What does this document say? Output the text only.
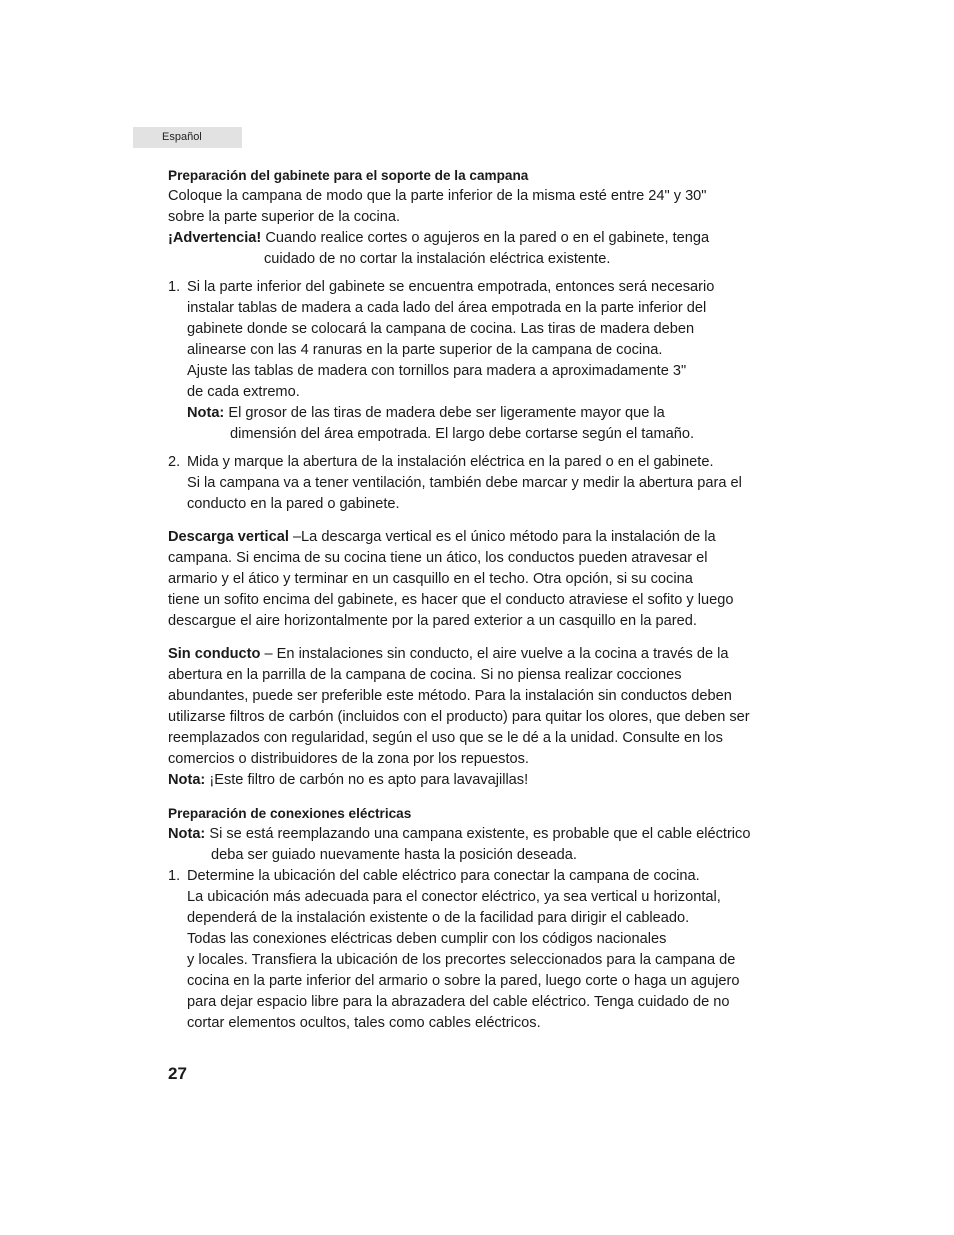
Español
Preparación del gabinete para el soporte de la campana
Coloque la campana de modo que la parte inferior de la misma esté entre 24" y 30"
sobre la parte superior de la cocina.
¡Advertencia! Cuando realice cortes o agujeros en la pared o en el gabinete, tenga
cuidado de no cortar la instalación eléctrica existente.
1. Si la parte inferior del gabinete se encuentra empotrada, entonces será necesario
instalar tablas de madera a cada lado del área empotrada en la parte inferior del
gabinete donde se colocará la campana de cocina. Las tiras de madera deben
alinearse con las 4 ranuras en la parte superior de la campana de cocina.
Ajuste las tablas de madera con tornillos para madera a aproximadamente 3"
de cada extremo.
Nota: El grosor de las tiras de madera debe ser ligeramente mayor que la
dimensión del área empotrada. El largo debe cortarse según el tamaño.
2. Mida y marque la abertura de la instalación eléctrica en la pared o en el gabinete.
Si la campana va a tener ventilación, también debe marcar y medir la abertura para el
conducto en la pared o gabinete.
Descarga vertical –La descarga vertical es el único método para la instalación de la
campana. Si encima de su cocina tiene un ático, los conductos pueden atravesar el
armario y el ático y terminar en un casquillo en el techo. Otra opción, si su cocina
tiene un sofito encima del gabinete, es hacer que el conducto atraviese el sofito y luego
descargue el aire horizontalmente por la pared exterior a un casquillo en la pared.
Sin conducto – En instalaciones sin conducto, el aire vuelve a la cocina a través de la
abertura en la parrilla de la campana de cocina. Si no piensa realizar cocciones
abundantes, puede ser preferible este método. Para la instalación sin conductos deben
utilizarse filtros de carbón (incluidos con el producto) para quitar los olores, que deben ser
reemplazados con regularidad, según el uso que se le dé a la unidad. Consulte en los
comercios o distribuidores de la zona por los repuestos.
Nota: ¡Este filtro de carbón no es apto para lavavajillas!
Preparación de conexiones eléctricas
Nota: Si se está reemplazando una campana existente, es probable que el cable eléctrico
deba ser guiado nuevamente hasta la posición deseada.
1. Determine la ubicación del cable eléctrico para conectar la campana de cocina.
La ubicación más adecuada para el conector eléctrico, ya sea vertical u horizontal,
dependerá de la instalación existente o de la facilidad para dirigir el cableado.
Todas las conexiones eléctricas deben cumplir con los códigos nacionales
y locales. Transfiera la ubicación de los precortes seleccionados para la campana de
cocina en la parte inferior del armario o sobre la pared, luego corte o haga un agujero
para dejar espacio libre para la abrazadera del cable eléctrico. Tenga cuidado de no
cortar elementos ocultos, tales como cables eléctricos.
27
